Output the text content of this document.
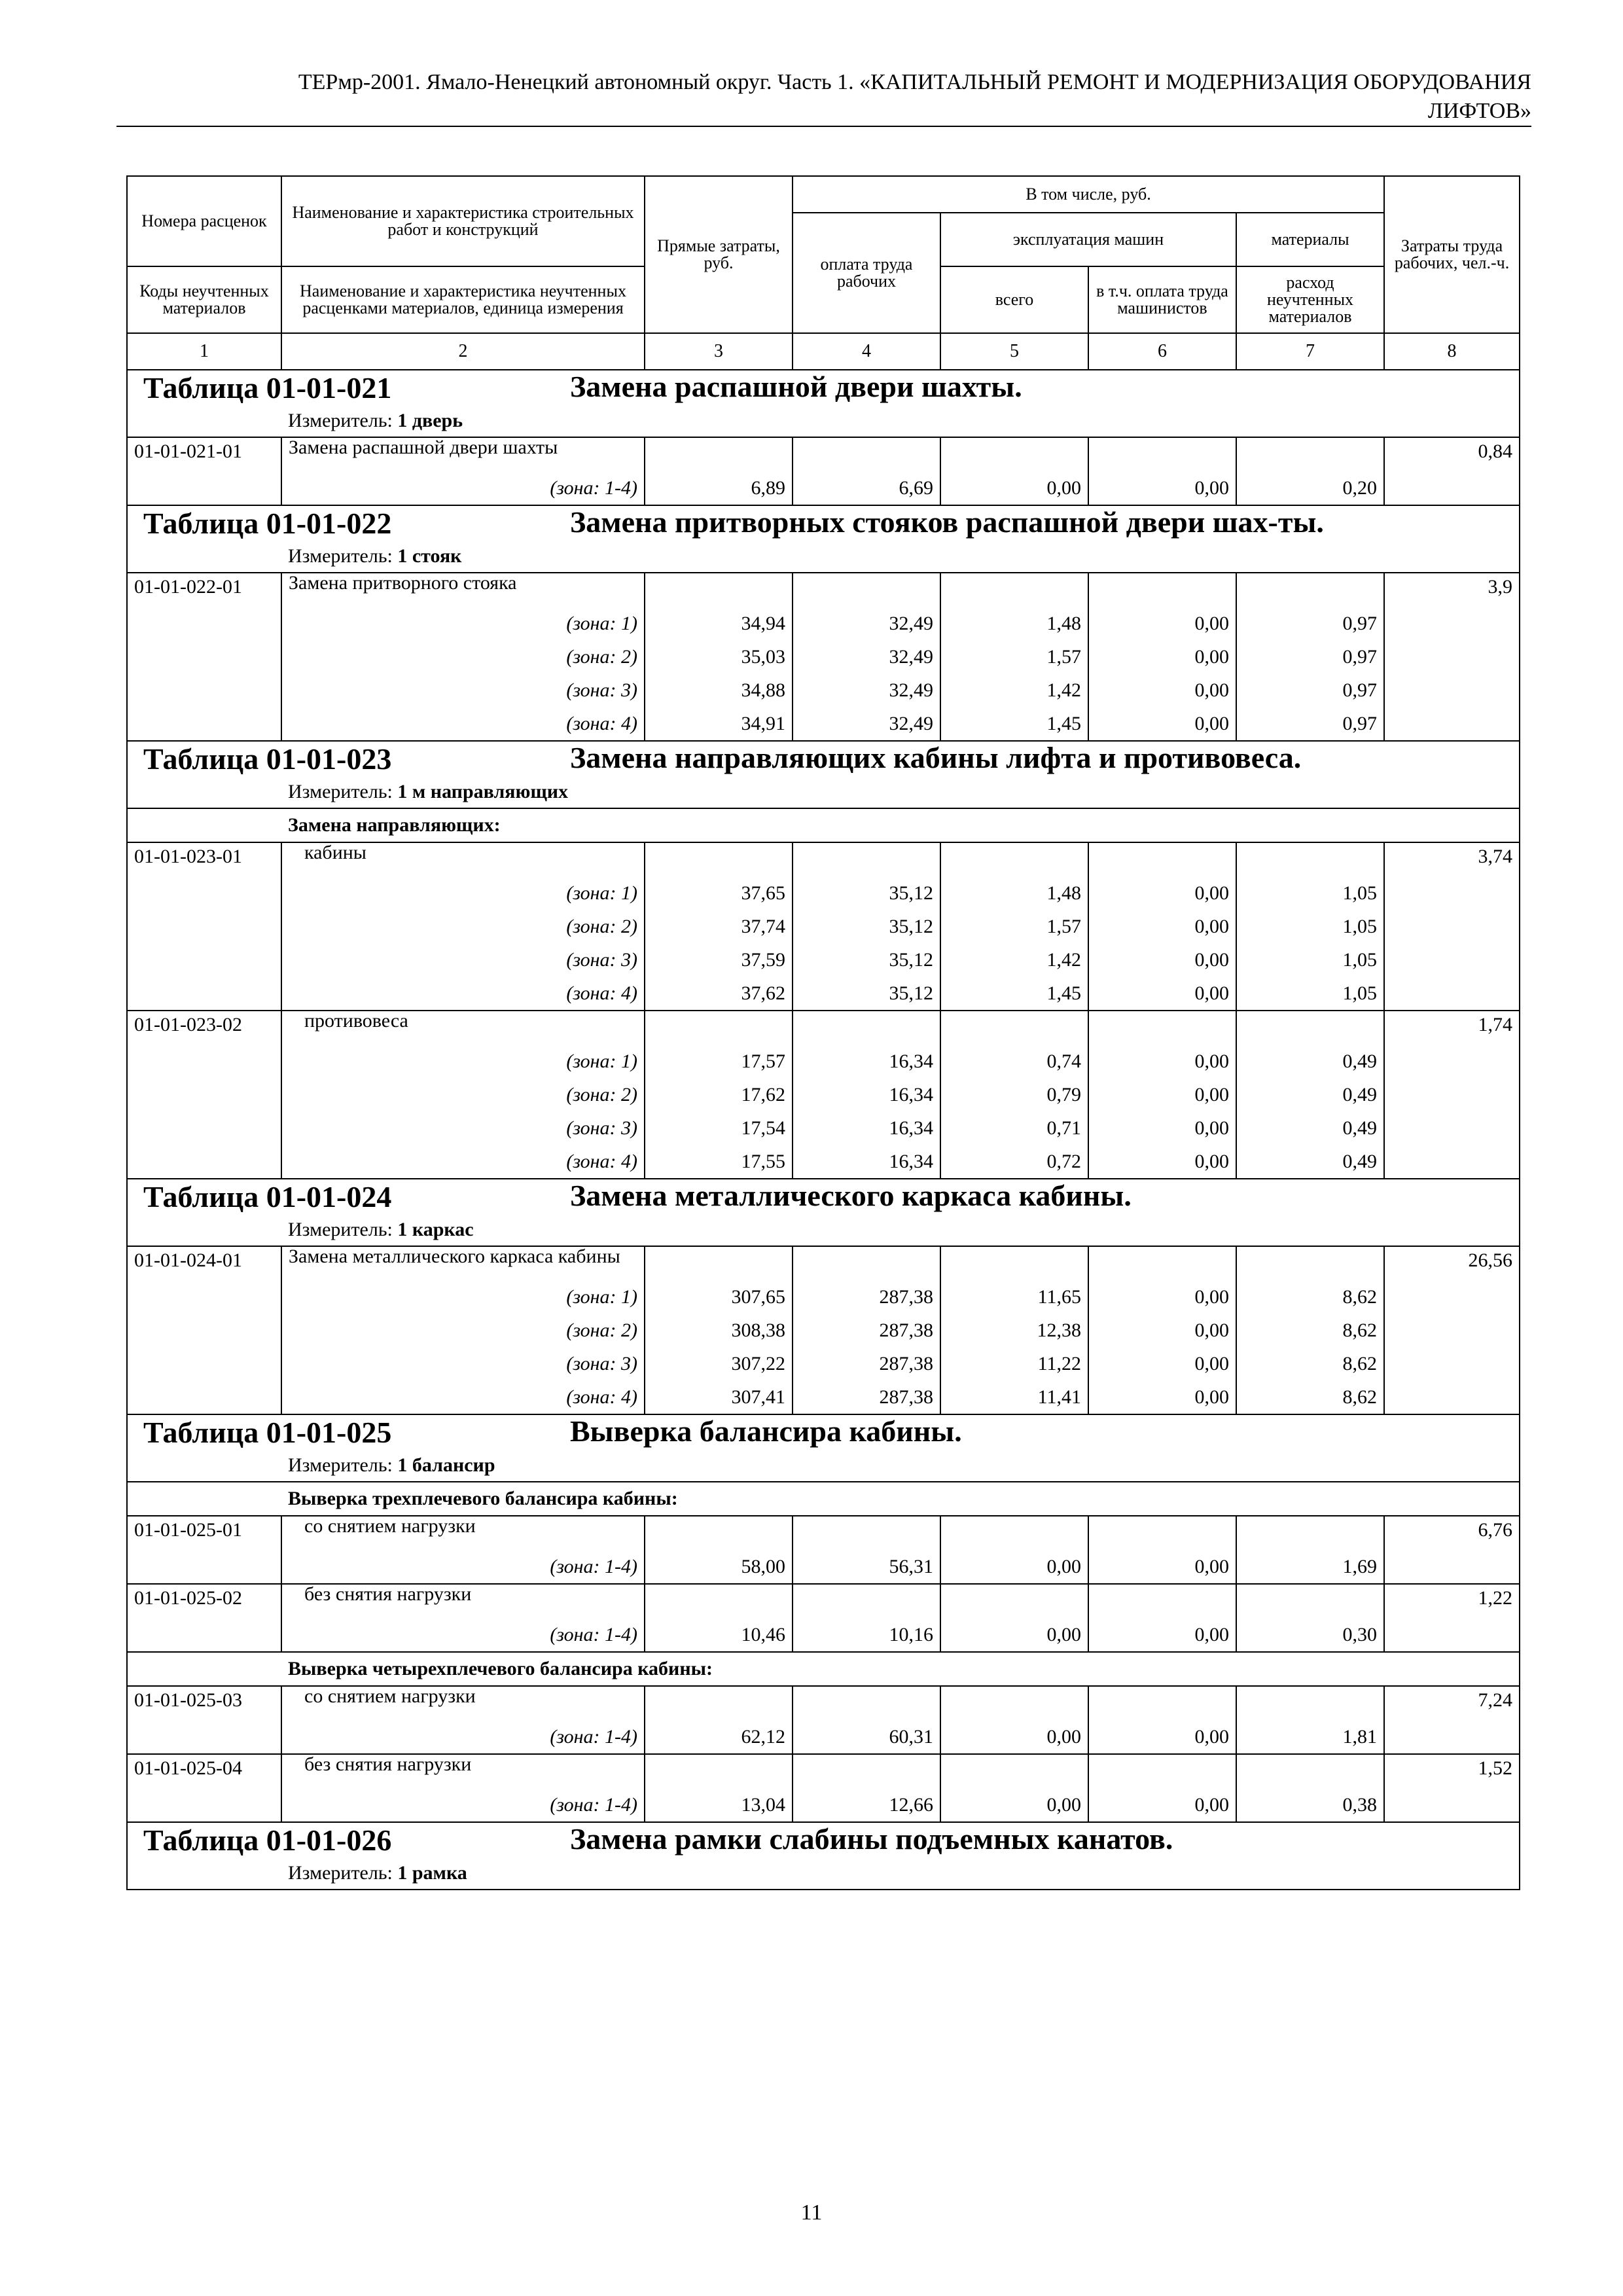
ТЕРмр-2001. Ямало-Ненецкий автономный округ. Часть 1. «КАПИТАЛЬНЫЙ РЕМОНТ И МОДЕРНИЗАЦИЯ ОБОРУДОВАНИЯ
ЛИФТОВ»
Номера расценок	Наименование и характеристика строительных работ и конструкций	Прямые затраты, руб.	В том числе, руб.				Затраты труда рабочих, чел.-ч.
			оплата труда рабочих	эксплуатация машин		материалы	
Коды неучтенных материалов	Наименование и характеристика неучтенных расценками материалов, единица измерения			всего	в т.ч. оплата труда машинистов	расход неучтенных материалов	
1	2	3	4	5	6	7	8
Таблица 01-01-021			Замена распашной двери шахты.				

	Измеритель: 1 дверь						
01-01-021-01	Замена распашной двери шахты						0,84
	(зона: 1-4)	6,89	6,69	0,00	0,00	0,20	
Таблица 01-01-022			Замена притворных стояков распашной двери шах-ты.				

	Измеритель: 1 стояк						
01-01-022-01	Замена притворного стояка						3,9
	(зона: 1)	34,94	32,49	1,48	0,00	0,97	
	(зона: 2)	35,03	32,49	1,57	0,00	0,97	
	(зона: 3)	34,88	32,49	1,42	0,00	0,97	
	(зона: 4)	34,91	32,49	1,45	0,00	0,97	
Таблица 01-01-023			Замена направляющих кабины лифта и противовеса.				

	Измеритель: 1 м направляющих						
	Замена направляющих:						
01-01-023-01	кабины						3,74
	(зона: 1)	37,65	35,12	1,48	0,00	1,05	
	(зона: 2)	37,74	35,12	1,57	0,00	1,05	
	(зона: 3)	37,59	35,12	1,42	0,00	1,05	
	(зона: 4)	37,62	35,12	1,45	0,00	1,05	
01-01-023-02	противовеса						1,74
	(зона: 1)	17,57	16,34	0,74	0,00	0,49	
	(зона: 2)	17,62	16,34	0,79	0,00	0,49	
	(зона: 3)	17,54	16,34	0,71	0,00	0,49	
	(зона: 4)	17,55	16,34	0,72	0,00	0,49	
Таблица 01-01-024			Замена металлического каркаса кабины.				

	Измеритель: 1 каркас						
01-01-024-01	Замена металлического каркаса кабины						26,56
	(зона: 1)	307,65	287,38	11,65	0,00	8,62	
	(зона: 2)	308,38	287,38	12,38	0,00	8,62	
	(зона: 3)	307,22	287,38	11,22	0,00	8,62	
	(зона: 4)	307,41	287,38	11,41	0,00	8,62	
Таблица 01-01-025			Выверка балансира кабины.				

	Измеритель: 1 балансир						
	Выверка трехплечевого балансира кабины:						
01-01-025-01	со снятием нагрузки						6,76
	(зона: 1-4)	58,00	56,31	0,00	0,00	1,69	
01-01-025-02	без снятия нагрузки						1,22
	(зона: 1-4)	10,46	10,16	0,00	0,00	0,30	
	Выверка четырехплечевого балансира кабины:						
01-01-025-03	со снятием нагрузки						7,24
	(зона: 1-4)	62,12	60,31	0,00	0,00	1,81	
01-01-025-04	без снятия нагрузки						1,52
	(зона: 1-4)	13,04	12,66	0,00	0,00	0,38	
Таблица 01-01-026			Замена рамки слабины подъемных канатов.				

	Измеритель: 1 рамка						
11
